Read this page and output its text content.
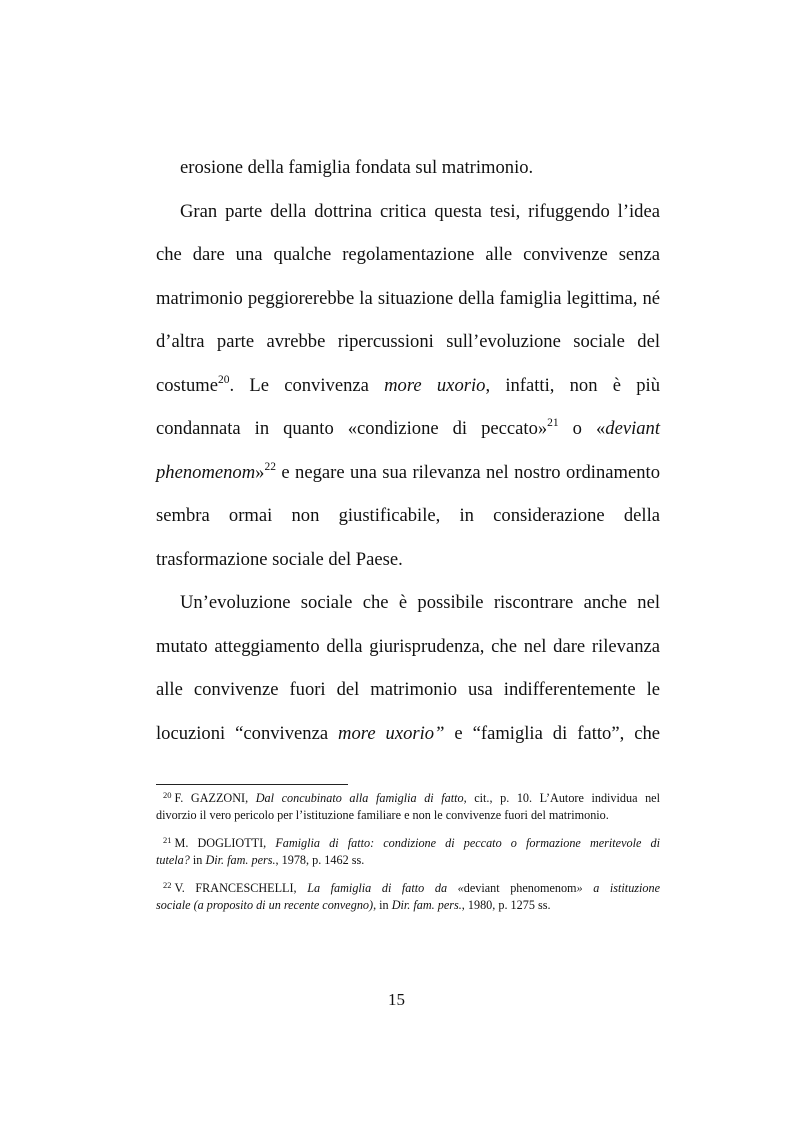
erosione della famiglia fondata sul matrimonio.
Gran parte della dottrina critica questa tesi, rifuggendo l’idea
che dare una qualche regolamentazione alle convivenze senza
matrimonio peggiorerebbe la situazione della famiglia legittima, né
d’altra parte avrebbe ripercussioni sull’evoluzione sociale del
costume$^{20}$. Le convivenza more uxorio, infatti, non è più
condannata in quanto «condizione di peccato»$^{21}$ o «deviant
phenomenom»$^{22}$ e negare una sua rilevanza nel nostro ordinamento
sembra ormai non giustificabile, in considerazione della
trasformazione sociale del Paese.
Un’evoluzione sociale che è possibile riscontrare anche nel
mutato atteggiamento della giurisprudenza, che nel dare rilevanza
alle convivenze fuori del matrimonio usa indifferentemente le
locuzioni “convivenza more uxorio” e “famiglia di fatto”, che
$^{20}$ F. GAZZONI, Dal concubinato alla famiglia di fatto, cit., p. 10. L’Autore individua nel
divorzio il vero pericolo per l’istituzione familiare e non le convivenze fuori del matrimonio.
$^{21}$ M. DOGLIOTTI, Famiglia di fatto: condizione di peccato o formazione meritevole di
tutela? in Dir. fam. pers., 1978, p. 1462 ss.
$^{22}$ V. FRANCESCHELLI, La famiglia di fatto da «deviant phenomenom» a istituzione
sociale (a proposito di un recente convegno), in Dir. fam. pers., 1980, p. 1275 ss.
15
